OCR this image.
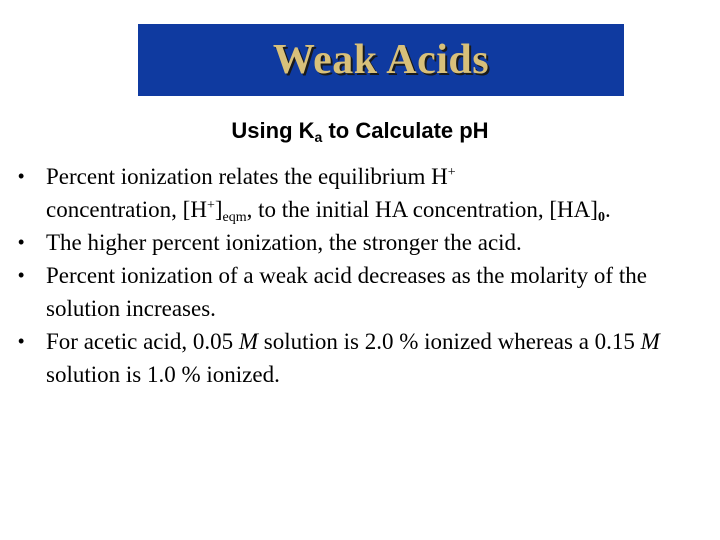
Weak Acids
Using $K_a$ to Calculate pH
• Percent ionization relates the equilibrium H+
concentration, $[H^+]_{eqm}$, to the initial HA concentration, $[HA]_0$.
• The higher percent ionization, the stronger the acid.
• Percent ionization of a weak acid decreases as the molarity of the solution increases.
• For acetic acid, 0.05 M solution is 2.0 % ionized whereas a 0.15 M solution is 1.0 % ionized.
